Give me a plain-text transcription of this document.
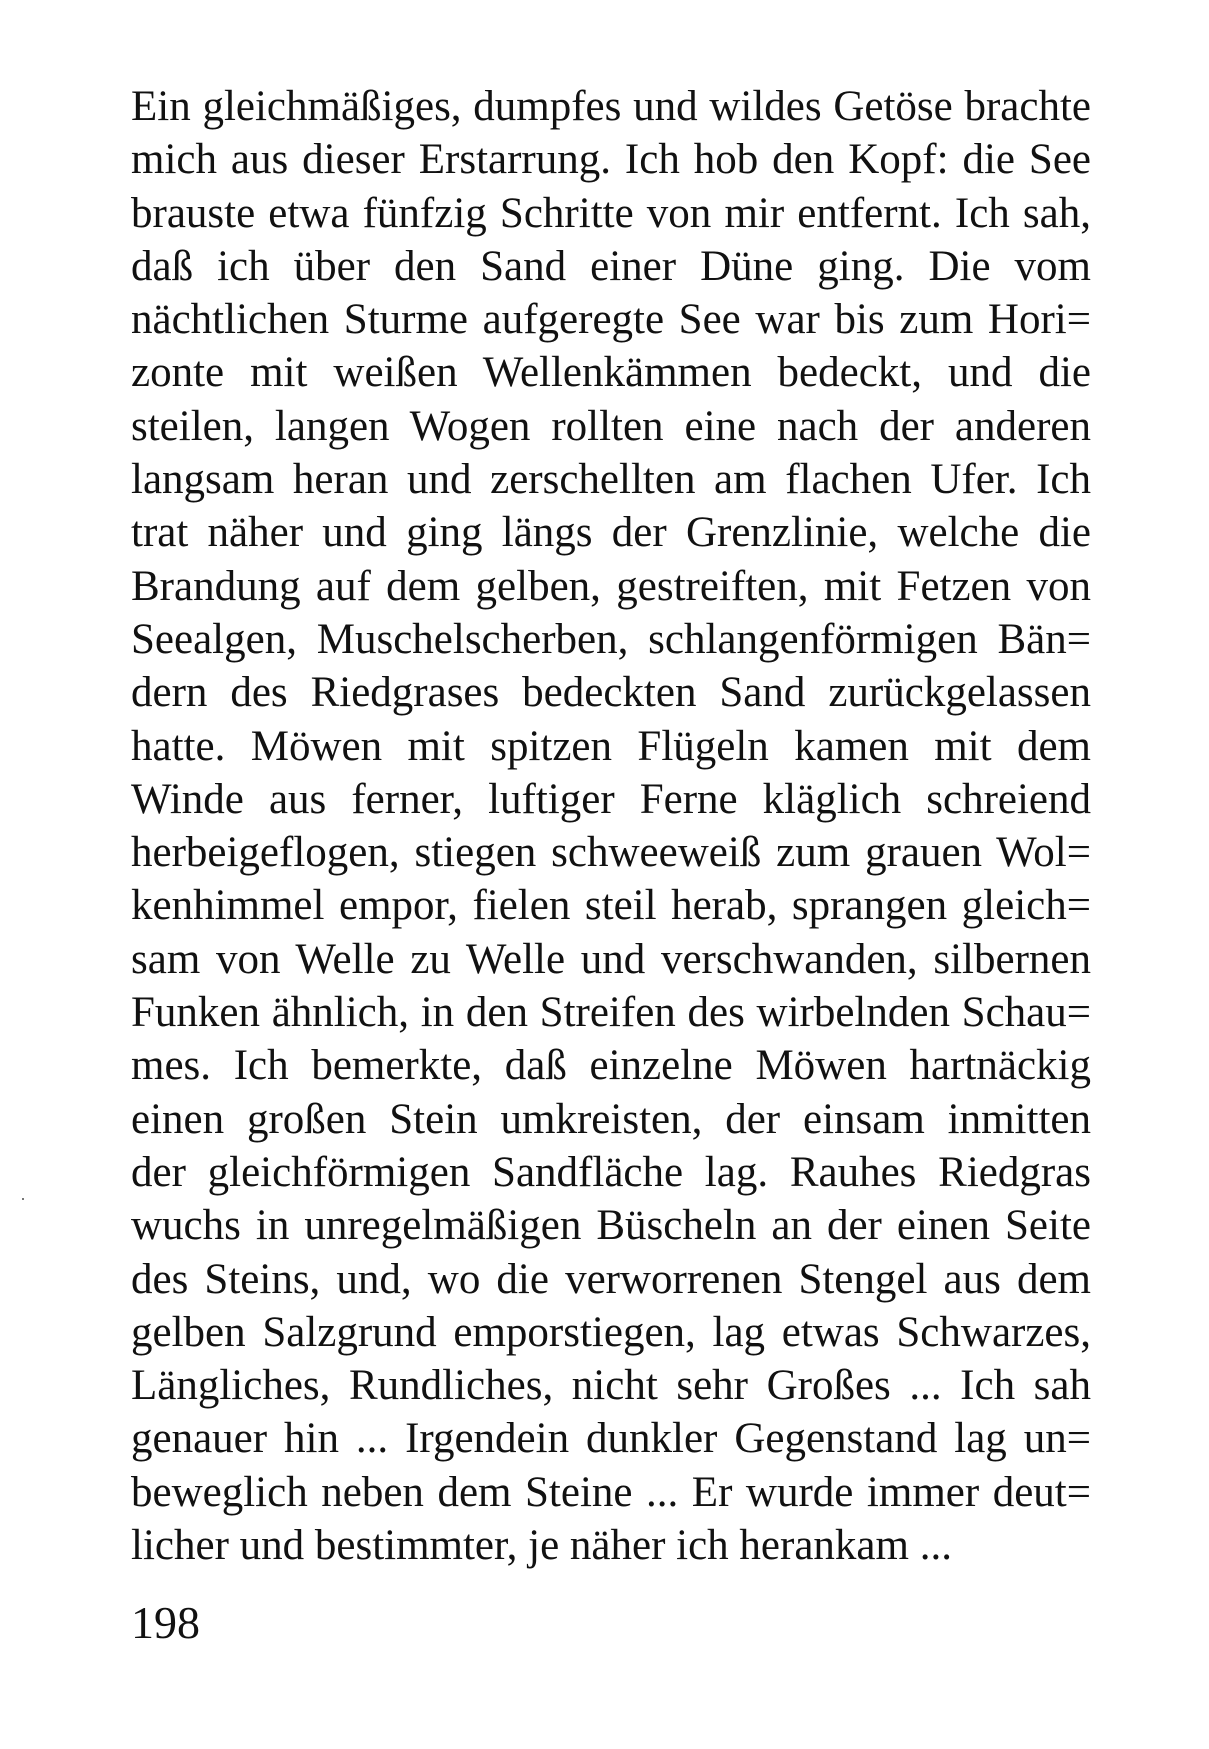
Ein gleichmäßiges, dumpfes und wildes Getöse brachte
mich aus dieser Erstarrung. Ich hob den Kopf: die See
brauste etwa fünfzig Schritte von mir entfernt. Ich sah,
daß ich über den Sand einer Düne ging. Die vom
nächtlichen Sturme aufgeregte See war bis zum Hori=
zonte mit weißen Wellenkämmen bedeckt, und die
steilen, langen Wogen rollten eine nach der anderen
langsam heran und zerschellten am flachen Ufer. Ich
trat näher und ging längs der Grenzlinie, welche die
Brandung auf dem gelben, gestreiften, mit Fetzen von
Seealgen, Muschelscherben, schlangenförmigen Bän=
dern des Riedgrases bedeckten Sand zurückgelassen
hatte. Möwen mit spitzen Flügeln kamen mit dem
Winde aus ferner, luftiger Ferne kläglich schreiend
herbeigeflogen, stiegen schweeweiß zum grauen Wol=
kenhimmel empor, fielen steil herab, sprangen gleich=
sam von Welle zu Welle und verschwanden, silbernen
Funken ähnlich, in den Streifen des wirbelnden Schau=
mes. Ich bemerkte, daß einzelne Möwen hartnäckig
einen großen Stein umkreisten, der einsam inmitten
der gleichförmigen Sandfläche lag. Rauhes Riedgras
wuchs in unregelmäßigen Büscheln an der einen Seite
des Steins, und, wo die verworrenen Stengel aus dem
gelben Salzgrund emporstiegen, lag etwas Schwarzes,
Längliches, Rundliches, nicht sehr Großes ... Ich sah
genauer hin ... Irgendein dunkler Gegenstand lag un=
beweglich neben dem Steine ... Er wurde immer deut=
licher und bestimmter, je näher ich herankam ...
198
